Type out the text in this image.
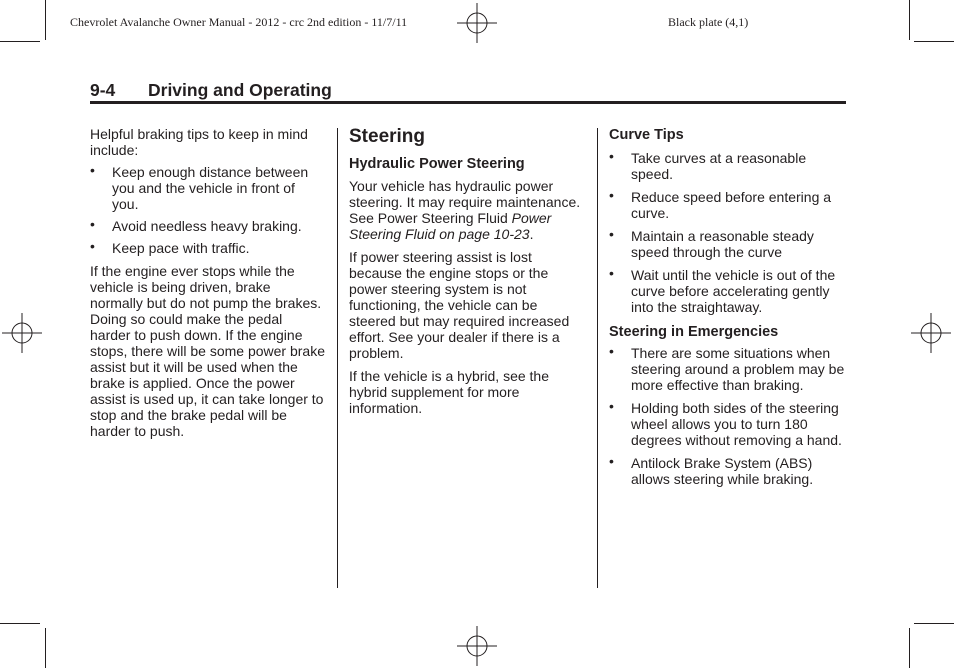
Chevrolet Avalanche Owner Manual - 2012 - crc 2nd edition - 11/7/11	Black plate (4,1)
9-4 Driving and Operating

Helpful braking tips to keep in mind include:

• Keep enough distance between you and the vehicle in front of you.
• Avoid needless heavy braking.
• Keep pace with traffic.

If the engine ever stops while the vehicle is being driven, brake normally but do not pump the brakes. Doing so could make the pedal harder to push down. If the engine stops, there will be some power brake assist but it will be used when the brake is applied. Once the power assist is used up, it can take longer to stop and the brake pedal will be harder to push.

Steering
Hydraulic Power Steering

Your vehicle has hydraulic power steering. It may require maintenance. See Power Steering Fluid Power Steering Fluid on page 10-23.

If power steering assist is lost because the engine stops or the power steering system is not functioning, the vehicle can be steered but may required increased effort. See your dealer if there is a problem.

If the vehicle is a hybrid, see the hybrid supplement for more information.

Curve Tips
• Take curves at a reasonable speed.
• Reduce speed before entering a curve.
• Maintain a reasonable steady speed through the curve
• Wait until the vehicle is out of the curve before accelerating gently into the straightaway.
Steering in Emergencies
• There are some situations when steering around a problem may be more effective than braking.
• Holding both sides of the steering wheel allows you to turn 180 degrees without removing a hand.
• Antilock Brake System (ABS) allows steering while braking.
